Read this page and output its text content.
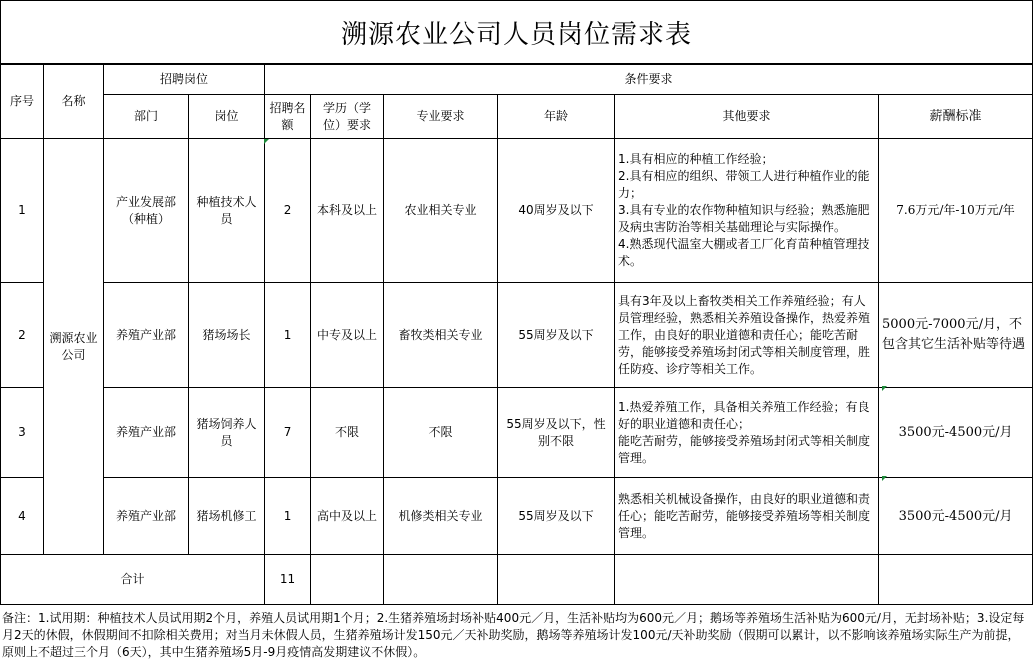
溯源农业公司人员岗位需求表
序号	名称	招聘岗位		条件要求					
		部门	岗位	招聘名额	学历（学位）要求	专业要求	年龄	其他要求	薪酬标准
1	溯源农业公司	产业发展部（种植）	种植技术人员	2	本科及以上	农业相关专业	40周岁及以下	1.具有相应的种植工作经验；
2.具有相应的组织、带领工人进行种植作业的能力；
3.具有专业的农作物种植知识与经验；熟悉施肥及病虫害防治等相关基础理论与实际操作。
4.熟悉现代温室大棚或者工厂化育苗种植管理技术。	7.6万元/年-10万元/年
2		养殖产业部	猪场场长	1	中专及以上	畜牧类相关专业	55周岁及以下	具有3年及以上畜牧类相关工作养殖经验；有人员管理经验，熟悉相关养殖设备操作，热爱养殖工作，由良好的职业道德和责任心；能吃苦耐劳，能够接受养殖场封闭式等相关制度管理，胜任防疫、诊疗等相关工作。	5000元-7000元/月，不包含其它生活补贴等待遇
3		养殖产业部	猪场饲养人员	7	不限	不限	55周岁及以下，性别不限	1.热爱养殖工作，具备相关养殖工作经验；有良好的职业道德和责任心；
能吃苦耐劳，能够接受养殖场封闭式等相关制度管理。	3500元-4500元/月
4		养殖产业部	猪场机修工	1	高中及以上	机修类相关专业	55周岁及以下	熟悉相关机械设备操作，由良好的职业道德和责任心；能吃苦耐劳，能够接受养殖场等相关制度管理。	3500元-4500元/月
合计				11					
备注：1.试用期：种植技术人员试用期2个月，养殖人员试用期1个月；2.生猪养殖场封场补贴400元／月，生活补贴均为600元／月；鹅场等养殖场生活补贴为600元/月，无封场补贴；3.设定每月2天的休假，休假期间不扣除相关费用；对当月未休假人员，生猪养殖场计发150元／天补助奖励，鹅场等养殖场计发100元/天补助奖励（假期可以累计，以不影响该养殖场实际生产为前提，原则上不超过三个月（6天），其中生猪养殖场5月-9月疫情高发期建议不休假）。
